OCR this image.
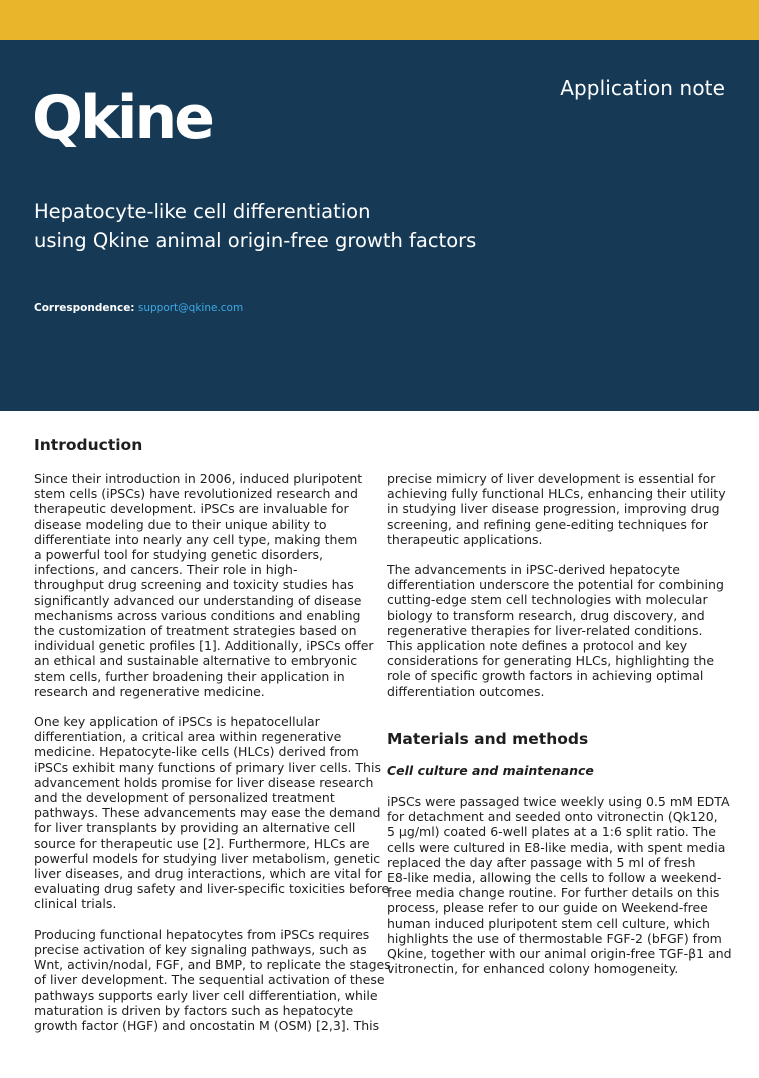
Application note
Qkine
Hepatocyte-like cell differentiation
using Qkine animal origin-free growth factors
Correspondence: support@qkine.com
Introduction

Since their introduction in 2006, induced pluripotent
stem cells (iPSCs) have revolutionized research and
therapeutic development. iPSCs are invaluable for
disease modeling due to their unique ability to
differentiate into nearly any cell type, making them
a powerful tool for studying genetic disorders,
infections, and cancers. Their role in high-
throughput drug screening and toxicity studies has
significantly advanced our understanding of disease
mechanisms across various conditions and enabling
the customization of treatment strategies based on
individual genetic profiles [1]. Additionally, iPSCs offer
an ethical and sustainable alternative to embryonic
stem cells, further broadening their application in
research and regenerative medicine.

One key application of iPSCs is hepatocellular
differentiation, a critical area within regenerative
medicine. Hepatocyte-like cells (HLCs) derived from
iPSCs exhibit many functions of primary liver cells. This
advancement holds promise for liver disease research
and the development of personalized treatment
pathways. These advancements may ease the demand
for liver transplants by providing an alternative cell
source for therapeutic use [2]. Furthermore, HLCs are
powerful models for studying liver metabolism, genetic
liver diseases, and drug interactions, which are vital for
evaluating drug safety and liver-specific toxicities before
clinical trials.

Producing functional hepatocytes from iPSCs requires
precise activation of key signaling pathways, such as
Wnt, activin/nodal, FGF, and BMP, to replicate the stages
of liver development. The sequential activation of these
pathways supports early liver cell differentiation, while
maturation is driven by factors such as hepatocyte
growth factor (HGF) and oncostatin M (OSM) [2,3]. This

precise mimicry of liver development is essential for
achieving fully functional HLCs, enhancing their utility
in studying liver disease progression, improving drug
screening, and refining gene-editing techniques for
therapeutic applications.

The advancements in iPSC-derived hepatocyte
differentiation underscore the potential for combining
cutting-edge stem cell technologies with molecular
biology to transform research, drug discovery, and
regenerative therapies for liver-related conditions.
This application note defines a protocol and key
considerations for generating HLCs, highlighting the
role of specific growth factors in achieving optimal
differentiation outcomes.

Materials and methods
Cell culture and maintenance

iPSCs were passaged twice weekly using 0.5 mM EDTA
for detachment and seeded onto vitronectin (Qk120,
5 µg/ml) coated 6-well plates at a 1:6 split ratio. The
cells were cultured in E8-like media, with spent media
replaced the day after passage with 5 ml of fresh
E8-like media, allowing the cells to follow a weekend-
free media change routine. For further details on this
process, please refer to our guide on Weekend-free
human induced pluripotent stem cell culture, which
highlights the use of thermostable FGF-2 (bFGF) from
Qkine, together with our animal origin-free TGF-β1 and
vitronectin, for enhanced colony homogeneity.
